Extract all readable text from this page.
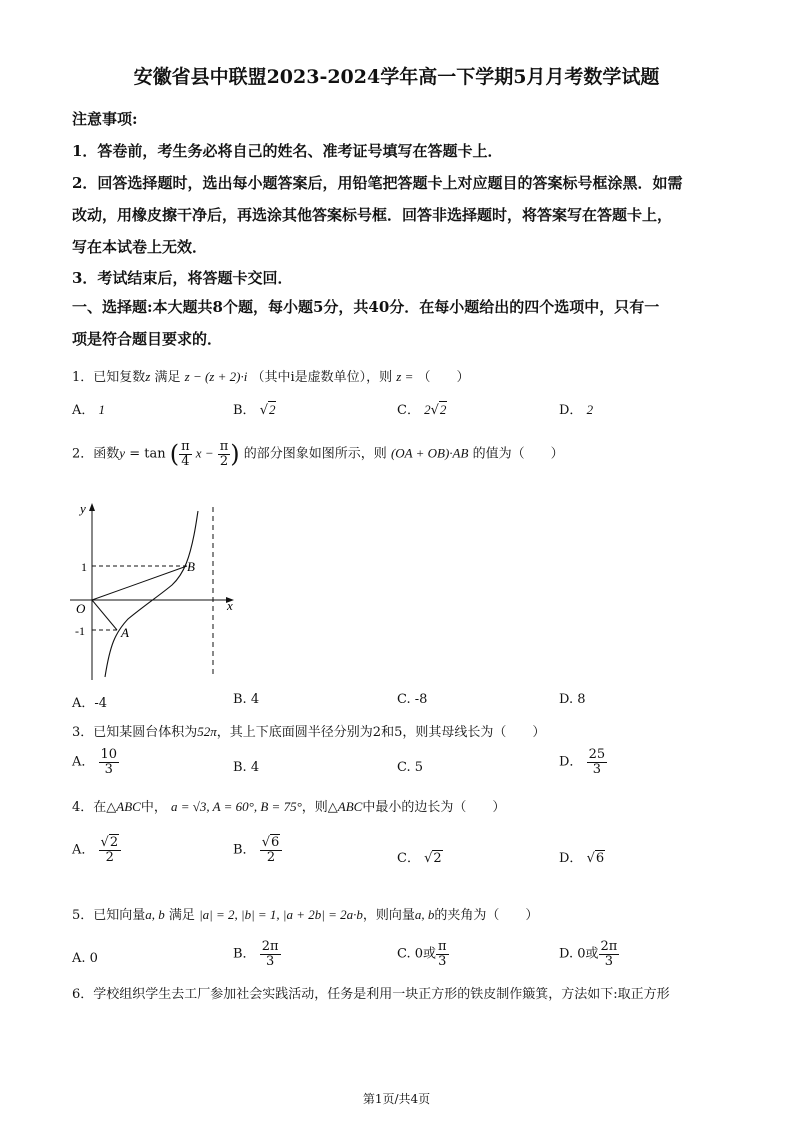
安徽省县中联盟2023-2024学年高一下学期5月月考数学试题
注意事项:
1．答卷前，考生务必将自己的姓名、准考证号填写在答题卡上．
2．回答选择题时，选出每小题答案后，用铅笔把答题卡上对应题目的答案标号框涂黑．如需
改动，用橡皮擦干净后，再选涂其他答案标号框．回答非选择题时，将答案写在答题卡上，
写在本试卷上无效．
3．考试结束后，将答题卡交回．
一、选择题:本大题共8个题，每小题5分，共40分．在每小题给出的四个选项中，只有一
项是符合题目要求的．
1．已知复数z 满足 z − (z + 2)·i （其中i是虚数单位），则 z = （　　）
A． 1	B． √2	C． 2√2	D． 2
2．函数y = tan ( $\frac{\pi}{4}$ $x - \frac{\pi}{2}$ ) 的部分图象如图所示，则 (OA + OB)·AB 的值为（　　）
y
x
O
1
-1	A
B
A．-4	B. 4	C. -8	D. 8
3．已知某圆台体积为52π，其上下底面圆半径分别为2和5，则其母线长为（　　）
A． $\frac{10}{3}$	B. 4	C. 5	D． $\frac{25}{3}$
4．在△ABC中， a = √3, A = 60°, B = 75°，则△ABC中最小的边长为（　　）
A． $\frac{√2}{2}$	B． $\frac{√6}{2}$	C． √2	D． √6
5．已知向量a, b 满足 |a| = 2, |b| = 1, |a + 2b| = 2a·b，则向量a, b的夹角为（　　）
A. 0	B． $\frac{2\pi}{3}$	C. 0或 $\frac{\pi}{3}$	D. 0或 $\frac{2\pi}{3}$
6．学校组织学生去工厂参加社会实践活动，任务是利用一块正方形的铁皮制作簸箕，方法如下:取正方形
第1页/共4页
